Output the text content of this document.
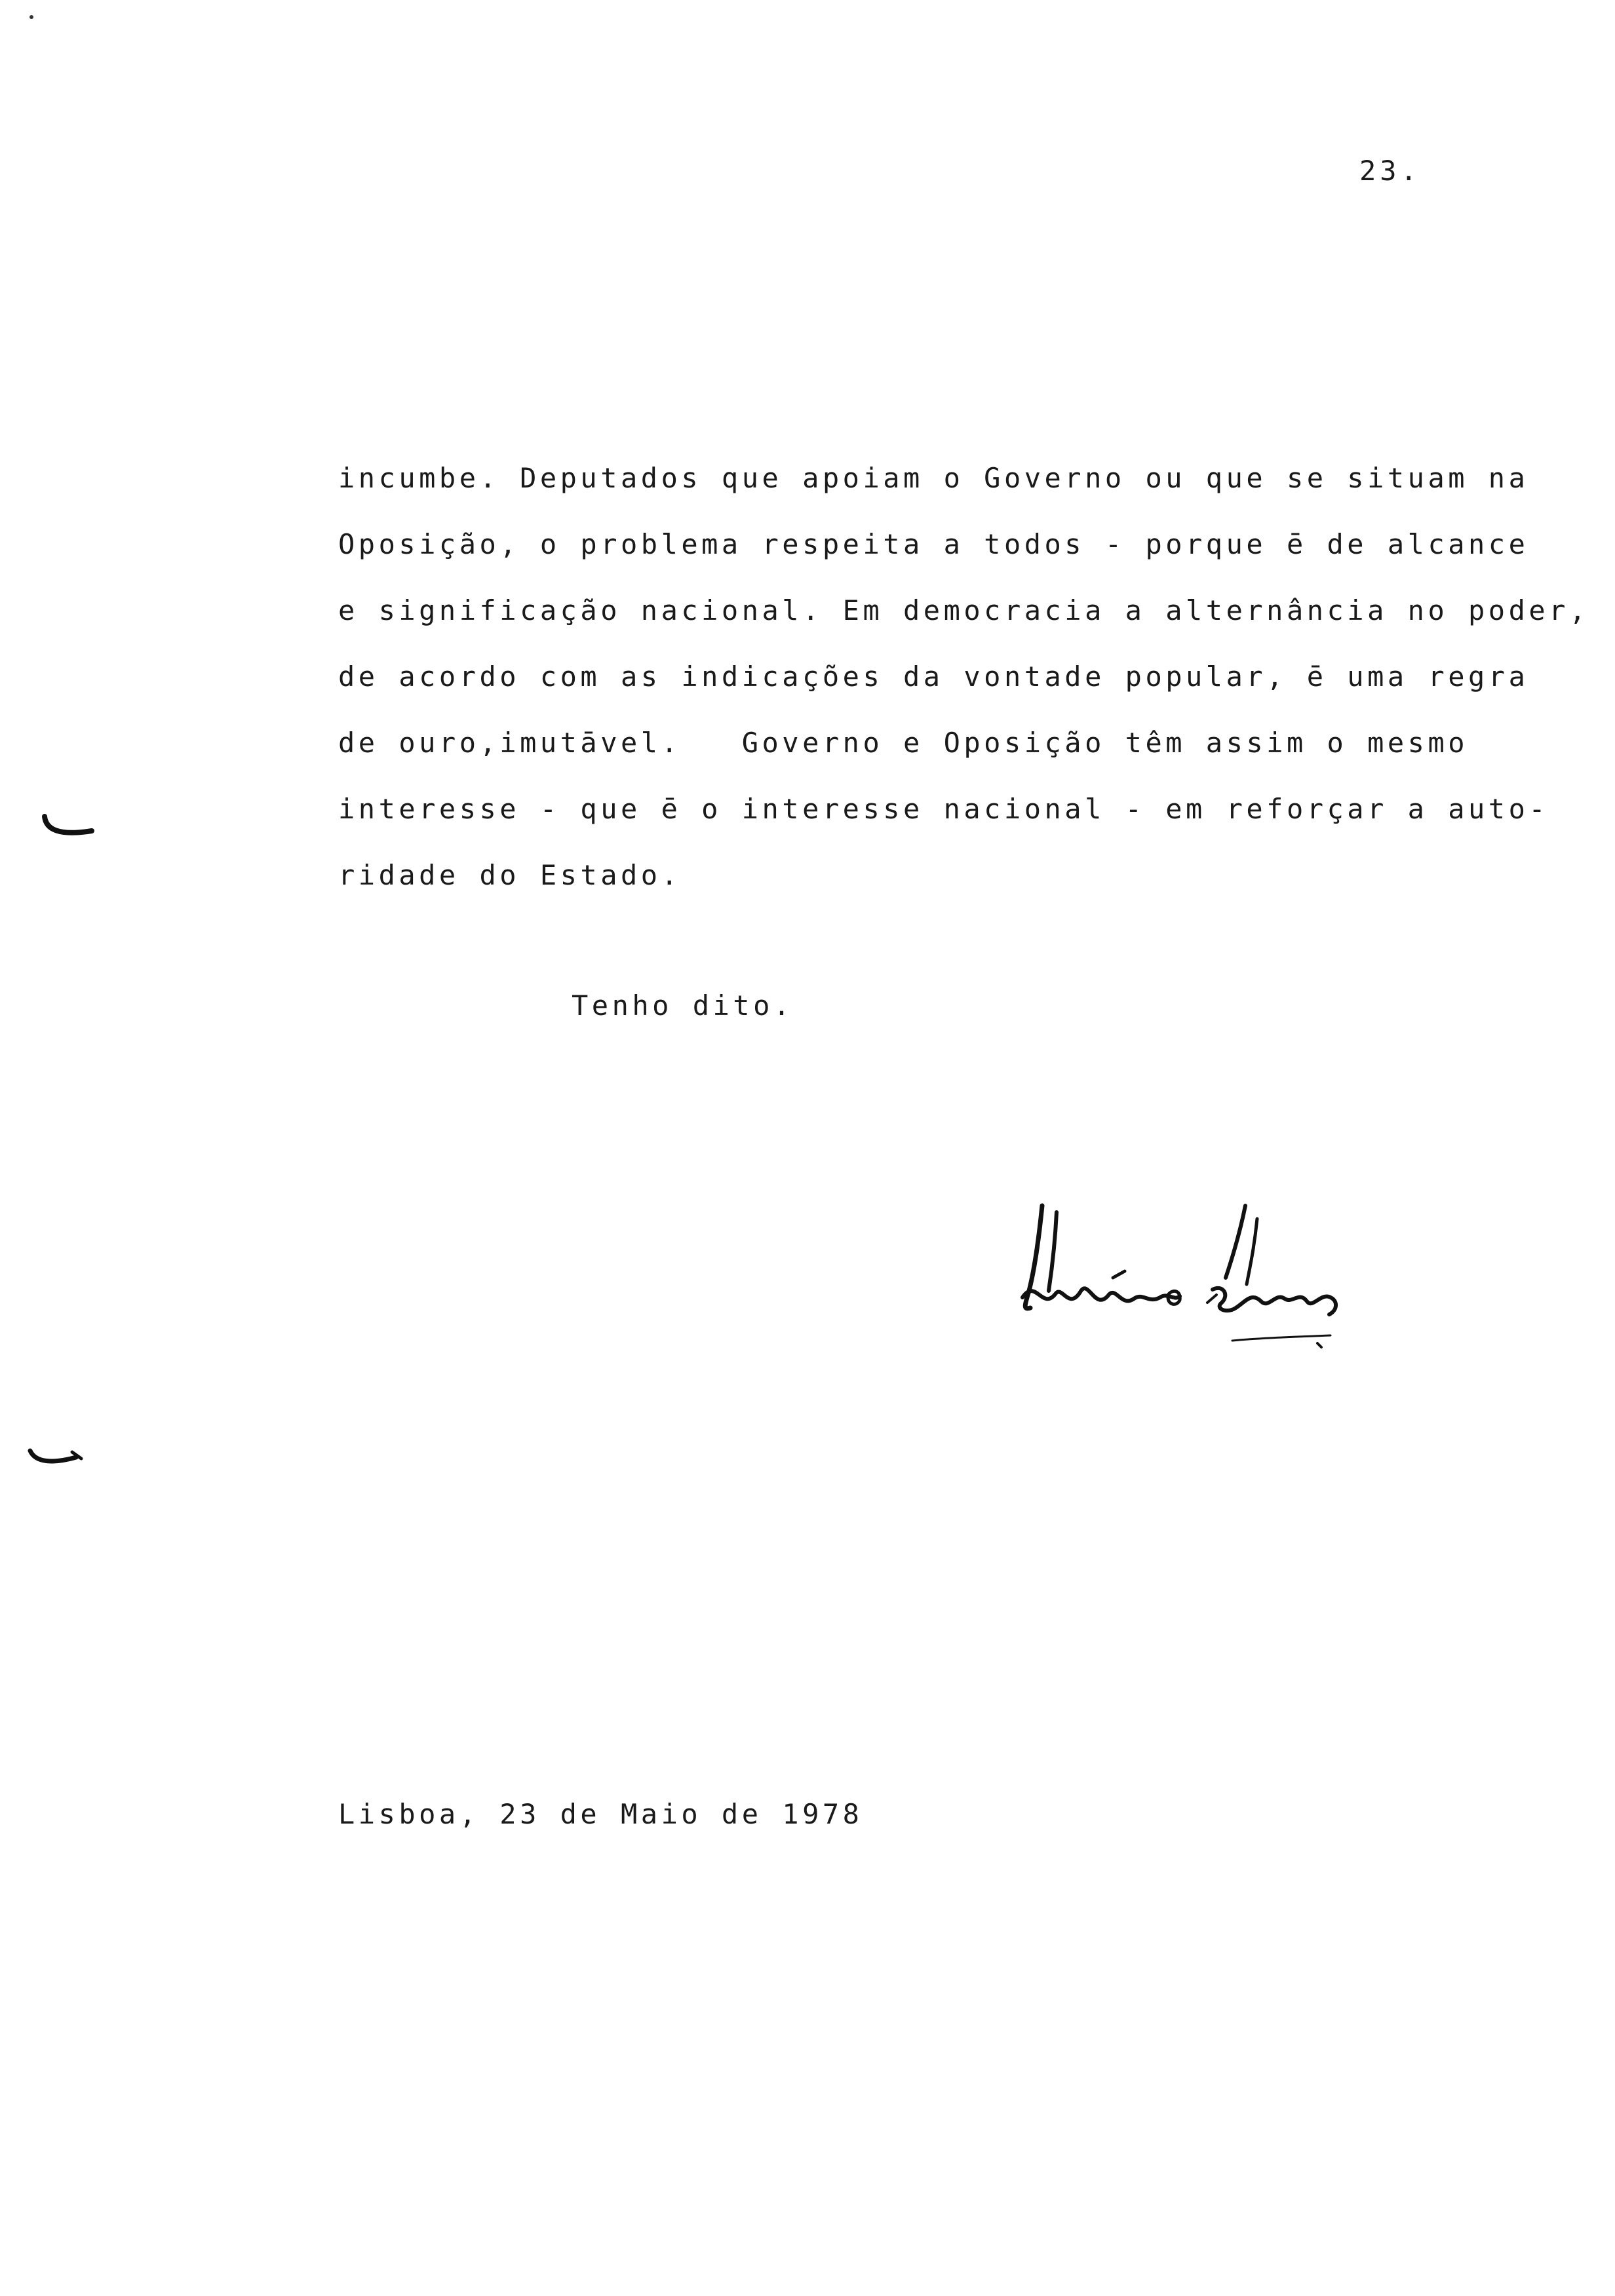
23.
incumbe. Deputados que apoiam o Governo ou que se situam na
Oposição, o problema respeita a todos - porque ē de alcance
e significação nacional. Em democracia a alternância no poder,
de acordo com as indicações da vontade popular, ē uma regra
de ouro,imutāvel.   Governo e Oposição têm assim o mesmo
interesse - que ē o interesse nacional - em reforçar a auto-
ridade do Estado.
Tenho dito.
Lisboa, 23 de Maio de 1978
